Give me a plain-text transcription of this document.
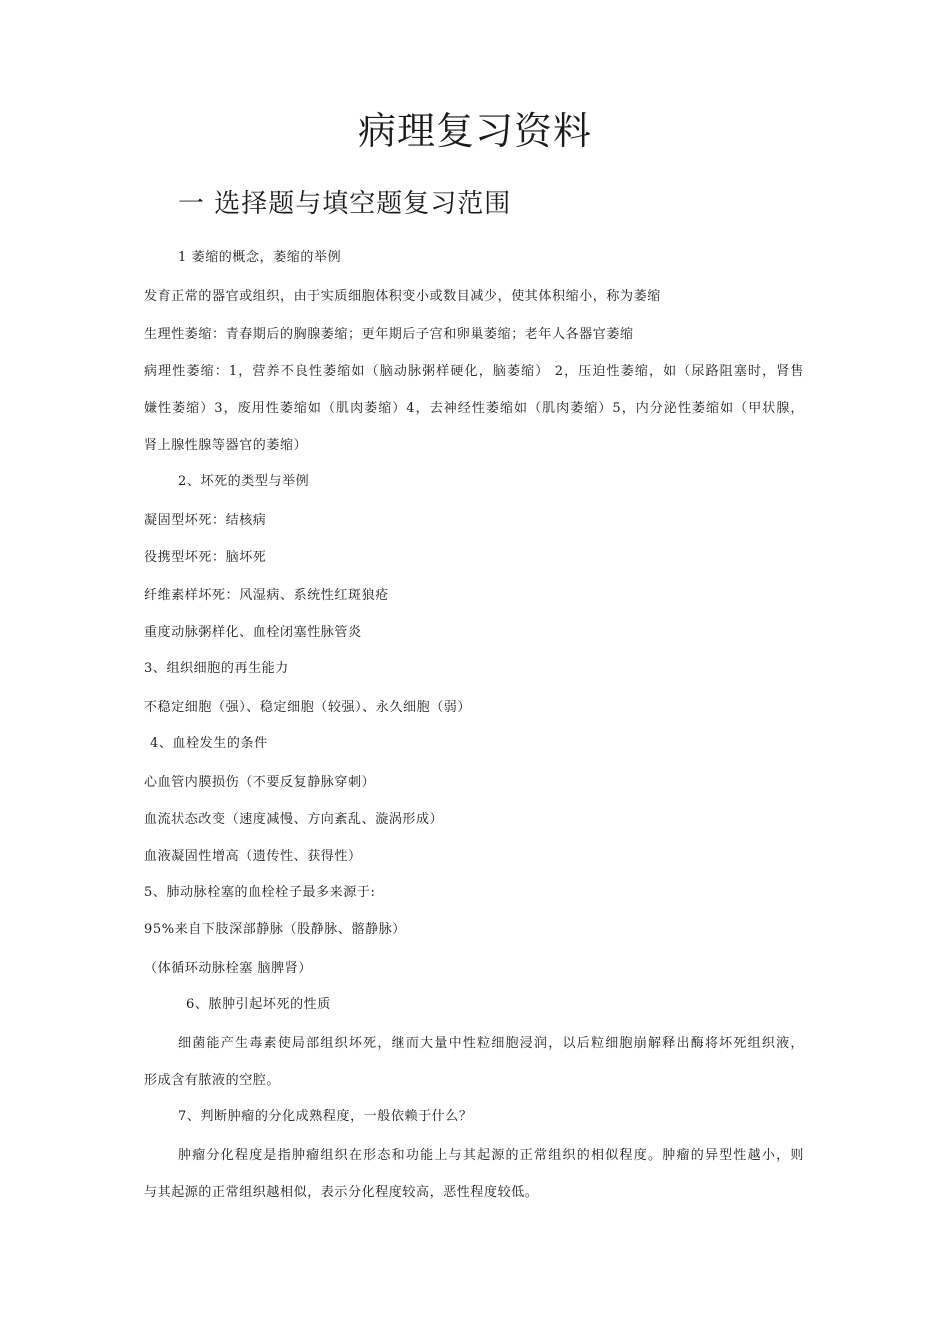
病理复习资料
一 选择题与填空题复习范围
1 萎缩的概念，萎缩的举例
发育正常的器官或组织，由于实质细胞体积变小或数目减少，使其体积缩小，称为萎缩
生理性萎缩：青春期后的胸腺萎缩；更年期后子宫和卵巢萎缩；老年人各器官萎缩
病理性萎缩：1，营养不良性萎缩如（脑动脉粥样硬化，脑萎缩） 2，压迫性萎缩，如（尿路阻塞时，肾售
嫌性萎缩）3，废用性萎缩如（肌肉萎缩）4，去神经性萎缩如（肌肉萎缩）5，内分泌性萎缩如（甲状腺，
肾上腺性腺等器官的萎缩）
2、坏死的类型与举例
凝固型坏死：结核病
役携型坏死：脑坏死
纤维素样坏死：风湿病、系统性红斑狼疮
重度动脉粥样化、血栓闭塞性脉管炎
3、组织细胞的再生能力
不稳定细胞（强）、稳定细胞（较强）、永久细胞（弱）
4、血栓发生的条件
心血管内膜损伤（不要反复静脉穿刺）
血流状态改变（速度减慢、方向紊乱、漩涡形成）
血液凝固性增高（遗传性、获得性）
5、肺动脉栓塞的血栓栓子最多来源于:
95%来自下肢深部静脉（股静脉、髂静脉）
（体循环动脉栓塞 脑脾肾）
6、脓肿引起坏死的性质
细菌能产生毒素使局部组织坏死，继而大量中性粒细胞浸润，以后粒细胞崩解释出酶将坏死组织液，
形成含有脓液的空腔。
7、判断肿瘤的分化成熟程度，一般依赖于什么？
肿瘤分化程度是指肿瘤组织在形态和功能上与其起源的正常组织的相似程度。肿瘤的异型性越小，则
与其起源的正常组织越相似，表示分化程度较高，恶性程度较低。
